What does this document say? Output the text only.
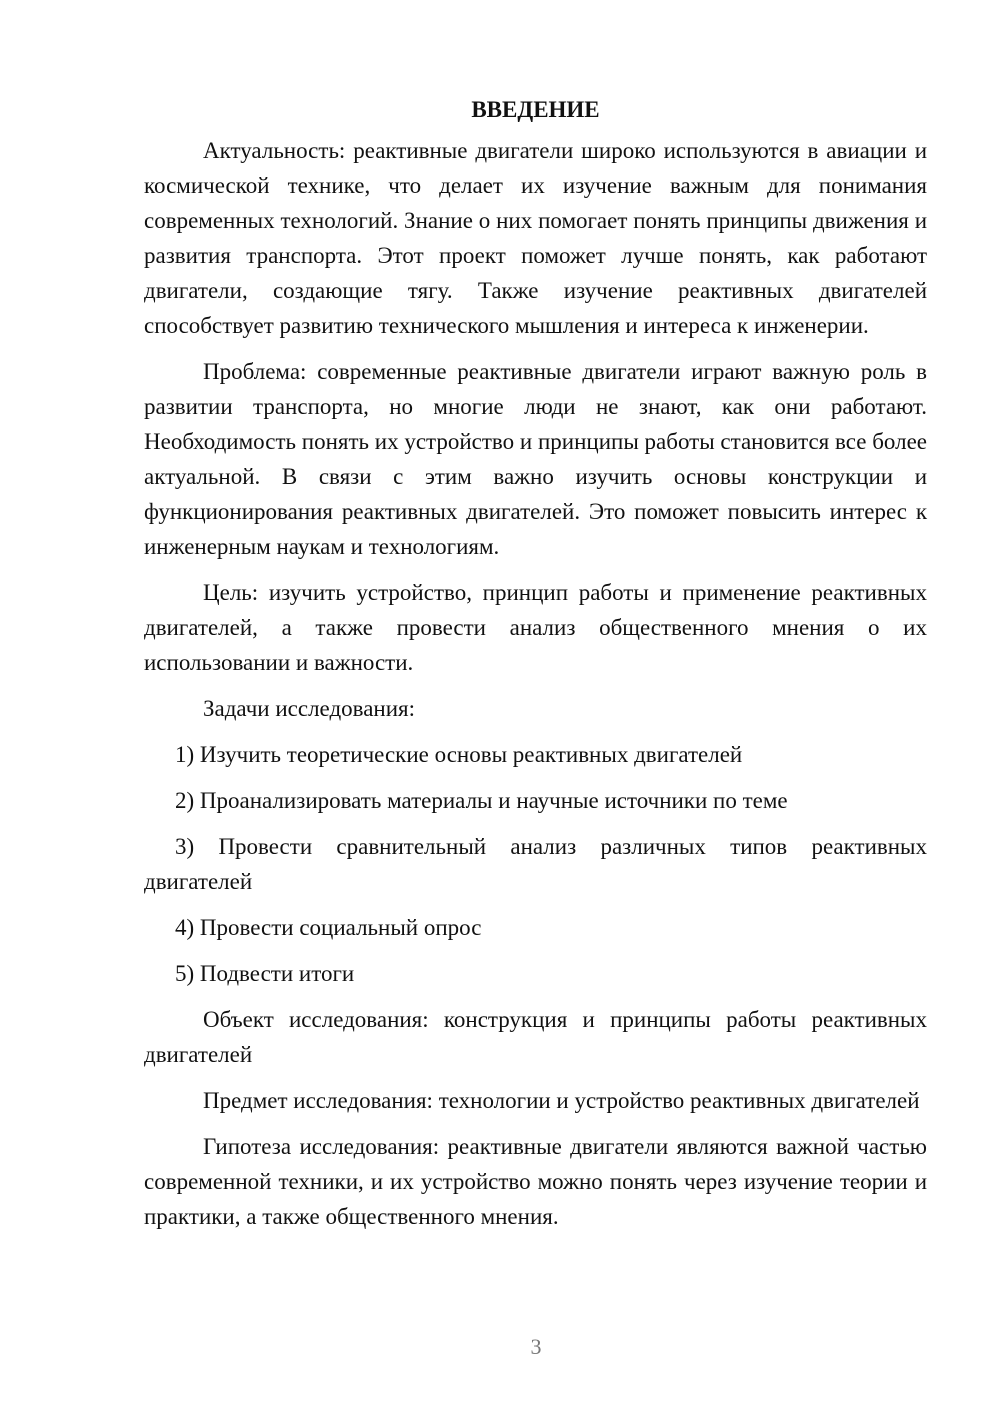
ВВЕДЕНИЕ

Актуальность: реактивные двигатели широко используются в авиации и космической технике, что делает их изучение важным для понимания современных технологий. Знание о них помогает понять принципы движения и развития транспорта. Этот проект поможет лучше понять, как работают двигатели, создающие тягу. Также изучение реактивных двигателей способствует развитию технического мышления и интереса к инженерии.

Проблема: современные реактивные двигатели играют важную роль в развитии транспорта, но многие люди не знают, как они работают. Необходимость понять их устройство и принципы работы становится все более актуальной. В связи с этим важно изучить основы конструкции и функционирования реактивных двигателей. Это поможет повысить интерес к инженерным наукам и технологиям.

Цель: изучить устройство, принцип работы и применение реактивных двигателей, а также провести анализ общественного мнения о их использовании и важности.

Задачи исследования:

1) Изучить теоретические основы реактивных двигателей

2) Проанализировать материалы и научные источники по теме

3) Провести сравнительный анализ различных типов реактивных двигателей

4) Провести социальный опрос

5) Подвести итоги

Объект исследования: конструкция и принципы работы реактивных двигателей

Предмет исследования: технологии и устройство реактивных двигателей

Гипотеза исследования: реактивные двигатели являются важной частью современной техники, и их устройство можно понять через изучение теории и практики, а также общественного мнения.

3
